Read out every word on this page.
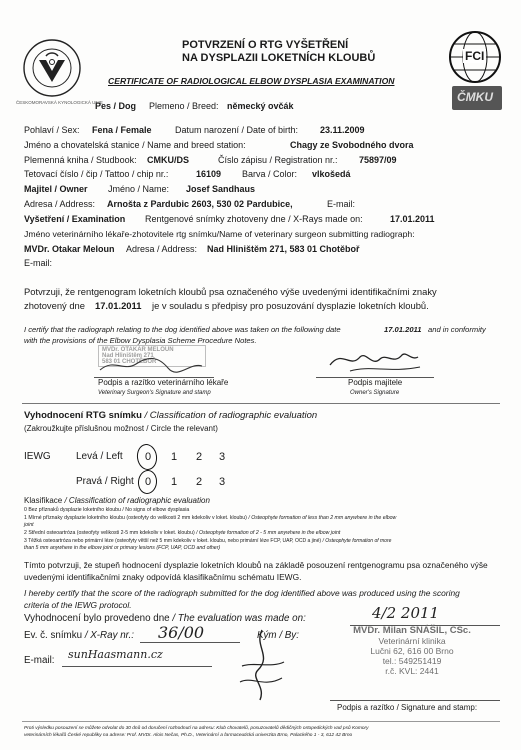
ČESKOMORAVSKÁ KYNOLOGICKÁ UNIE
POTVRZENÍ O RTG VYŠETŘENÍ
NA DYSPLAZII LOKETNÍCH KLOUBŮ
CERTIFICATE OF RADIOLOGICAL ELBOW DYSPLASIA EXAMINATION
FCI
ČMKU
Pes / Dog Plemeno / Breed: německý ovčák
Pohlaví / Sex: Fena / Female	Datum narození / Date of birth: 23.11.2009
Jméno a chovatelská stanice / Name and breed station:	Chagy ze Svobodného dvora
Plemenná kniha / Studbook: CMKU/DS	Číslo zápisu / Registration nr.: 75897/09
Tetovací číslo / čip / Tattoo / chip nr.:	16109 Barva / Color: vlkošedá
Majitel / Owner Jméno / Name: Josef Sandhaus
Adresa / Address: Arnošta z Pardubic 2603, 530 02 Pardubice,	E-mail:
Vyšetření / Examination Rentgenové snímky zhotoveny dne / X-Rays made on:	17.01.2011
Jméno veterinárního lékaře-zhotovitele rtg snímku/Name of veterinary surgeon submitting radiograph:
MVDr. Otakar Meloun Adresa / Address: Nad Hliništěm 271, 583 01 Chotěboř
E-mail:
Potvrzuji, že rentgenogram loketních kloubů psa označeného výše uvedenými identifikačními znaky
zhotovený dne 17.01.2011 je v souladu s předpisy pro posuzování dysplazie loketních kloubů.
I certify that the radiograph relating to the dog identified above was taken on the following date	17.01.2011 and in conformity
with the provisions of the Elbow Dysplasia Scheme Procedure Notes.
MVDr. OTAKAR MELOUN
Nad Hliništěm 271
583 01 CHOTĚBOŘ
Podpis a razítko veterinárního lékaře
Veterinary Surgeon's Signature and stamp
Podpis majitele
Owner's Signature
Vyhodnocení RTG snímku / Classification of radiographic evaluation
(Zakroužkujte příslušnou možnost / Circle the relevant)
IEWG	Levá / Left 0 1 2 3
Pravá / Right 0 1 2 3
Klasifikace / Classification of radiographic evaluation
0 Bez příznaků dysplazie loketního kloubu / No signs of elbow dysplasia
1 Mírné příznaky dysplazie loketního kloubu (osteofyty do velikosti 2 mm kdekoliv v loket. kloubu) / Osteophyte formation of less than 2 mm anywhere in the elbow
joint
2 Střední osteoartróza (osteofyty velikosti 2-5 mm kdekoliv v loket. kloubu) / Osteophyte formation of 2 - 5 mm anywhere in the elbow joint
3 Těžká osteoartróza nebo primární léze (osteofyty větší než 5 mm kdekoliv v loket. kloubu, nebo primární léze FCP, UAP, OCD a jiné) / Osteophyte formation of more
than 5 mm anywhere in the elbow joint or primary lesions (FCP, UAP, OCD and other)
Tímto potvrzuji, že stupeň hodnocení dysplazie loketních kloubů na základě posouzení rentgenogramu psa označeného výše
uvedenými identifikačními znaky odpovídá klasifikačnímu schématu IEWG.
I hereby certify that the score of the radiograph submitted for the dog identified above was produced using the scoring
criteria of the IEWG protocol.
Vyhodnocení bylo provedeno dne / The evaluation was made on:	4/2 2011
Ev. č. snímku / X-Ray nr.: 36/00	Kým / By:
E-mail: sunHaasmann.cz
MVDr. Milan SNÁŠIL, CSc.
Veterinární klinika
Lučni 62, 616 00 Brno
tel.: 549251419
r.č. KVL: 2441
Podpis a razítko / Signature and stamp:
Proti výsledku posouzení se můžete odvolat do 30 dnů od doručení rozhodnutí na adresu: Klub chovatelů, posuzovatelů dědičných ortopedických vad psů Komory
veterinárních lékařů České republiky na adrese: Prof. MVDr. Alois Nečas, Ph.D., Veterinární a farmaceutická univerzita Brno, Palackého 1 - 3, 612 42 Brno
